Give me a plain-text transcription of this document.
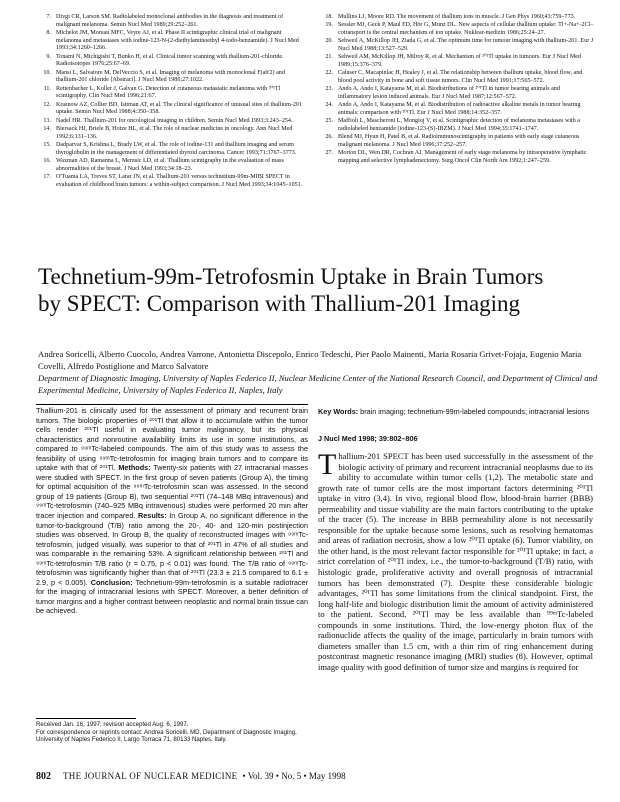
7. Divgi CR, Larson SM. Radiolabeled monoclonal antibodies in the diagnosis and treatment of malignant melanoma. Semin Nucl Med 1989;29:252–261.
8. Michelot JM, Moreau MFC, Veyre AJ, et al. Phase II scintigraphic clinical trial of malignant melanoma and metastases with iodine-123-N-(2-diethylaminoethyl 4-iodo-benzamide). J Nucl Med 1993;34:1260–1266.
9. Tonami N, Michigishi T, Bunko H, et al. Clinical tumor scanning with thallium-201-chloride. Radioisotopes 1976;25:67–69.
10. Mansi L, Salvatore M, DelVeccio S, et al. Imaging of melanoma with monoclonal F(ab'2) and thallium-201 chloride [Abstract]. J Nucl Med 1986;27:1022.
11. Rettenbacher L, Koller J, Galvan G. Detection of cutaneous metastatic melanoma with ²⁰¹Tl scintigraphy. Clin Nucl Med 1996;21:67.
12. Krasnow AZ, Collier BD, Isitman AT, et al. The clinical significance of unusual sites of thallium-201 uptake. Semin Nucl Med 1988;4:350–358.
13. Nadel HR. Thallium-201 for oncological imaging in children. Semin Nucl Med 1993;3:243–254.
14. Biersack HJ, Briele B, Hotze HL, et al. The role of nuclear medicine in oncology. Ann Nucl Med 1992;6:131–136.
15. Dadparvar S, Krishna L, Brady LW, et al. The role of iodine-131 and thallium imaging and serum thyroglobulin in the management of differentiated thyroid carcinoma. Cancer 1993;71:3767–3773.
16. Waxman AD, Ramanna L, Memsic LD, et al. Thallium scintigraphy in the evaluation of mass abnormalities of the breast. J Nucl Med 1993;34:18–23.
17. O'Tuama LA, Treves ST, Larar JN, et al. Thallium-201 versus technetium-99m-MIBI SPECT in evaluation of childhood brain tumors: a within-subject comparison. J Nucl Med 1993;34:1045–1051.
18. Mullins LJ, Moore RD. The movement of thallium ions in muscle. J Gen Phys 1960;43:759–773.
19. Sessler MJ, Geck P, Maul FD, Hör G, Munz DL. New aspects of cellular thallium uptake: Tl+-Na+-2Cl–cotransport is the central mechanism of ion uptake. Nuklear-medizin 1986;25:24–27.
20. Sehweil A, McKillop JH, Ziada G, et al. The optimum time for tumour imaging with thallium-201. Eur J Nucl Med 1988;13:527–529.
21. Sehweil AM, McKillop JH, Milroy R, et al. Mechanism of ²⁰¹Tl uptake in tumours. Eur J Nucl Med 1989;15:376–379.
22. Caluser C, Macapinlac H, Healey J, et al. The relationship between thallium uptake, blood flow, and blood pool activity in bone and soft tissue tumors. Clin Nucl Med 1991;17:565–572.
23. Ando A, Ando I, Katayama M, et al. Biodistributions of ²⁰¹Tl in tumor bearing animals and inflammatory lesion induced animals. Eur J Nucl Med 1987;12:567–572.
24. Ando A, Ando I, Katayama M, et al. Biodistribution of radioactive alkaline metals in tumor bearing animals: comparison with ²⁰¹Tl. Eur J Nucl Med 1988;14:352–357.
25. Maffioli L, Mascheroni L, Mongioj V, et al. Scintigraphic detection of melanoma metastases with a radiolabeled benzamide (iodine-123-(S)-IBZM). J Nucl Med 1994;35:1741–1747.
26. Blend MJ, Hyun H, Patel B, et al. Radioimmunoscintigraphy in patients with early stage cutaneous malignant melanoma. J Nucl Med 1996;37:252–257.
27. Morton DL, Wen DR, Cochran AJ. Management of early stage melanoma by intraoperative lymphatic mapping and selective lymphadenectomy. Surg Oncol Clin North Am 1992;1:247–259.
Technetium-99m-Tetrofosmin Uptake in Brain Tumors by SPECT: Comparison with Thallium-201 Imaging
Andrea Soricelli, Alberto Cuocolo, Andrea Varrone, Antonietta Discepolo, Enrico Tedeschi, Pier Paolo Mainenti, Maria Rosaria Grivet-Fojaja, Eugenio Maria Covelli, Alfredo Postiglione and Marco Salvatore
Department of Diagnostic Imaging, University of Naples Federico II, Nuclear Medicine Center of the National Research Council, and Department of Clinical and Experimental Medicine, University of Naples Federico II, Naples, Italy
Thallium-201 is clinically used for the assessment of primary and recurrent brain tumors. The biologic properties of ²⁰¹Tl that allow it to accumulate within the tumor cells render ²⁰¹Tl useful in evaluating tumor malignancy, but its physical characteristics and nonroutine availability limits its use in some institutions, as compared to ⁹⁹ᵐTc-labeled compounds. The aim of this study was to assess the feasibility of using ⁹⁹ᵐTc-tetrofosmin for imaging brain tumors and to compare its uptake with that of ²⁰¹Tl. Methods: Twenty-six patients with 27 intracranial masses were studied with SPECT. In the first group of seven patients (Group A), the timing for optimal acquisition of the ⁹⁹ᵐTc-tetrofosmin scan was assessed. In the second group of 19 patients (Group B), two sequential ²⁰¹Tl (74–148 MBq intravenous) and ⁹⁹ᵐTc-tetrofosmin (740–925 MBq intravenous) studies were performed 20 min after tracer injection and compared. Results: In Group A, no significant difference in the tumor-to-background (T/B) ratio among the 20-, 40- and 120-min postinjection studies was observed. In Group B, the quality of reconstructed images with ⁹⁹ᵐTc-tetrofosmin, judged visually, was superior to that of ²⁰¹Tl in 47% of all studies and was comparable in the remaining 53%. A significant relationship between ²⁰¹Tl and ⁹⁹ᵐTc-tetrofosmin T/B ratio (r = 0.75, p < 0.01) was found. The T/B ratio of ⁹⁹ᵐTc-tetrofosmin was significantly higher than that of ²⁰¹Tl (23.3 ± 21.5 compared to 6.1 ± 2.9, p < 0.005). Conclusion: Technetium-99m-tetrofosmin is a suitable radiotracer for the imaging of intracranial lesions with SPECT. Moreover, a better definition of tumor margins and a higher contrast between neoplastic and normal brain tissue can be achieved.
Key Words: brain imaging; technetium-99m-labeled compounds; intracranial lesions
J Nucl Med 1998; 39:802–806
T hallium-201 SPECT has been used successfully in the assessment of the biologic activity of primary and recurrent intracranial neoplasms due to its ability to accumulate within tumor cells (1,2). The metabolic state and growth rate of tumor cells are the most important factors determining ²⁰¹Tl uptake in vitro (3,4). In vivo, regional blood flow, blood-brain barrier (BBB) permeability and tissue viability are the main factors contributing to the uptake of the tracer (5). The increase in BBB permeability alone is not necessarily responsible for the uptake because some lesions, such as resolving hematomas and areas of radiation necrosis, show a low ²⁰¹Tl uptake (6). Tumor viability, on the other hand, is the most relevant factor responsible for ²⁰¹Tl uptake; in fact, a strict correlation of ²⁰¹Tl index, i.e., the tumor-to-background (T/B) ratio, with histologic grade, proliferative activity and overall prognosis of intracranial tumors has been demonstrated (7). Despite these considerable biologic advantages, ²⁰¹Tl has some limitations from the clinical standpoint. First, the long half-life and biologic distribution limit the amount of activity administered to the patient. Second, ²⁰¹Tl may be less available than ⁹⁹ᵐTc-labeled compounds in some institutions. Third, the low-energy photon flux of the radionuclide affects the quality of the image, particularly in brain tumors with diameters smaller than 1.5 cm, with a thin rim of ring enhancement during postcontrast magnetic resonance imaging (MRI) studies (8). However, optimal image quality with good definition of tumor size and margins is required for
Received Jan. 16, 1997; revision accepted Aug. 6, 1997.
For correspondence or reprints contact: Andrea Soricelli, MD, Department of Diagnostic Imaging, University of Naples Federico II, Largo Torraca 71, 80133 Naples, Italy.
802 THE JOURNAL OF NUCLEAR MEDICINE • Vol. 39 • No. 5 • May 1998
